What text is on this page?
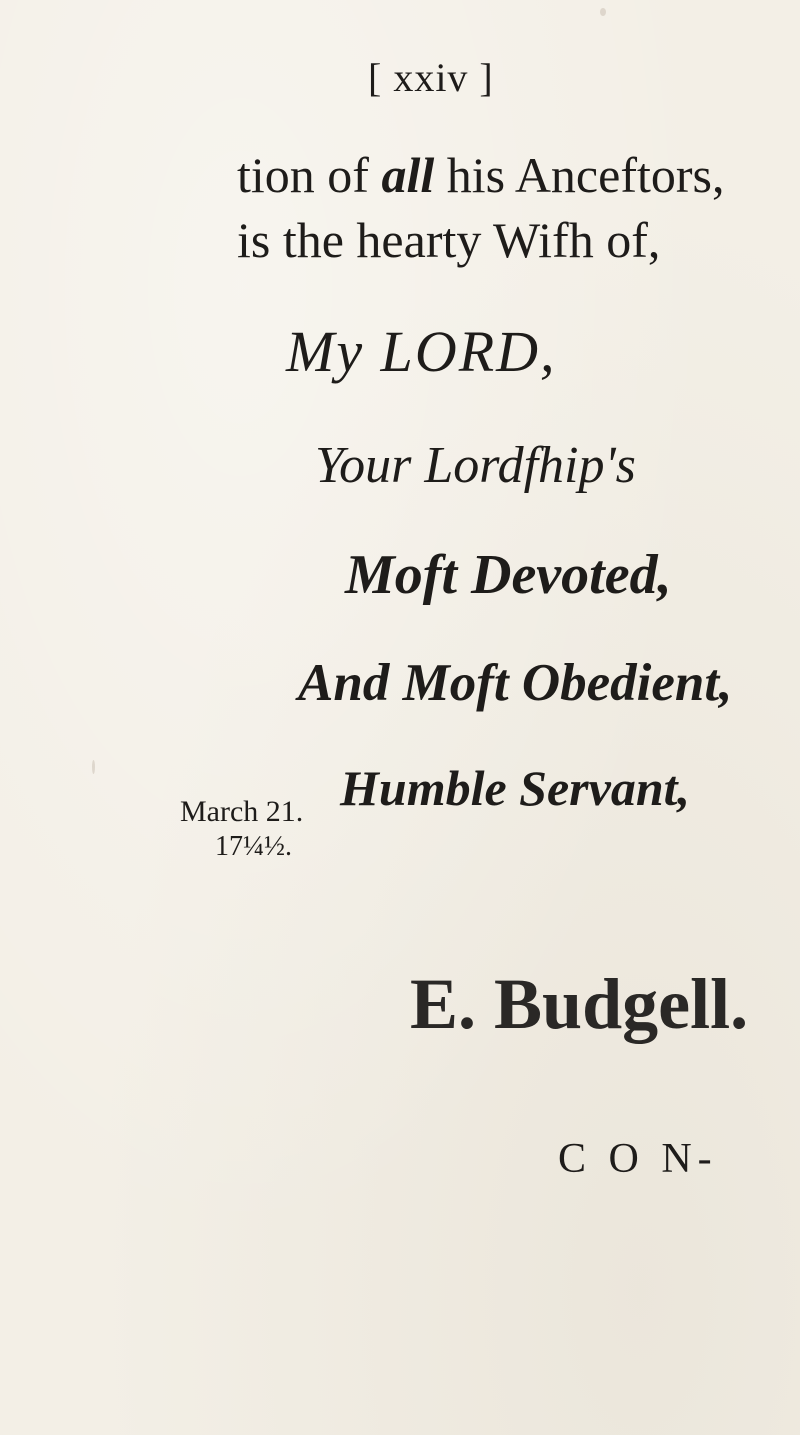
[ xxiv ]
tion of all his Anceftors,
is the hearty Wifh of,
My LORD,
Your Lordfhip's
Moft Devoted,
And Moft Obedient,
Humble Servant,
March 21.
17¼½.
E. Budgell.
C O N-
